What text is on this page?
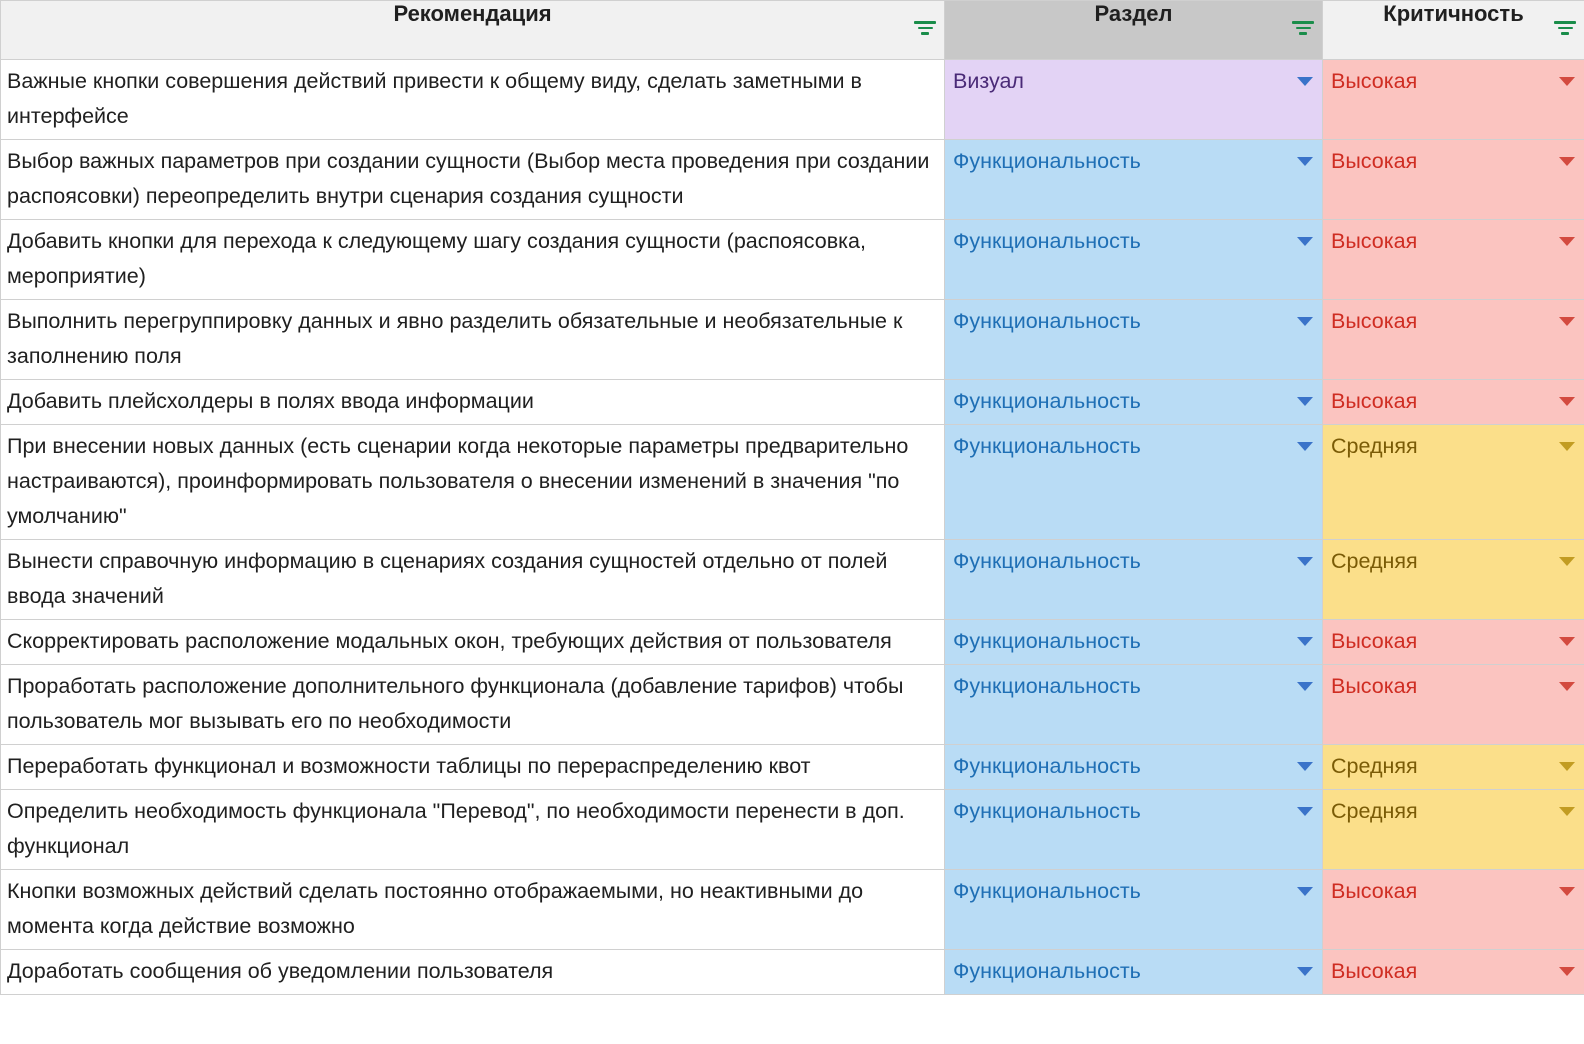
Рекомендация	Раздел	Критичность

Важные кнопки совершения действий привести к общему виду, сделать заметными в интерфейсе	Визуал	Высокая

Выбор важных параметров при создании сущности (Выбор места проведения при создании распоясовки) переопределить внутри сценария создания сущности	Функциональность	Высокая

Добавить кнопки для перехода к следующему шагу создания сущности (распоясовка, мероприятие)	Функциональность	Высокая

Выполнить перегруппировку данных и явно разделить обязательные и необязательные к заполнению поля	Функциональность	Высокая

Добавить плейсхолдеры в полях ввода информации	Функциональность	Высокая

При внесении новых данных (есть сценарии когда некоторые параметры предварительно настраиваются), проинформировать пользователя о внесении изменений в значения "по умолчанию"	Функциональность	Средняя

Вынести справочную информацию в сценариях создания сущностей отдельно от полей ввода значений	Функциональность	Средняя

Скорректировать расположение модальных окон, требующих действия от пользователя	Функциональность	Высокая

Проработать расположение дополнительного функционала (добавление тарифов) чтобы пользователь мог вызывать его по необходимости	Функциональность	Высокая

Переработать функционал и возможности таблицы по перераспределению квот	Функциональность	Средняя

Определить необходимость функционала "Перевод", по необходимости перенести в доп. функционал	Функциональность	Средняя

Кнопки возможных действий сделать постоянно отображаемыми, но неактивными до момента когда действие возможно	Функциональность	Высокая

Доработать сообщения об уведомлении пользователя	Функциональность	Высокая
